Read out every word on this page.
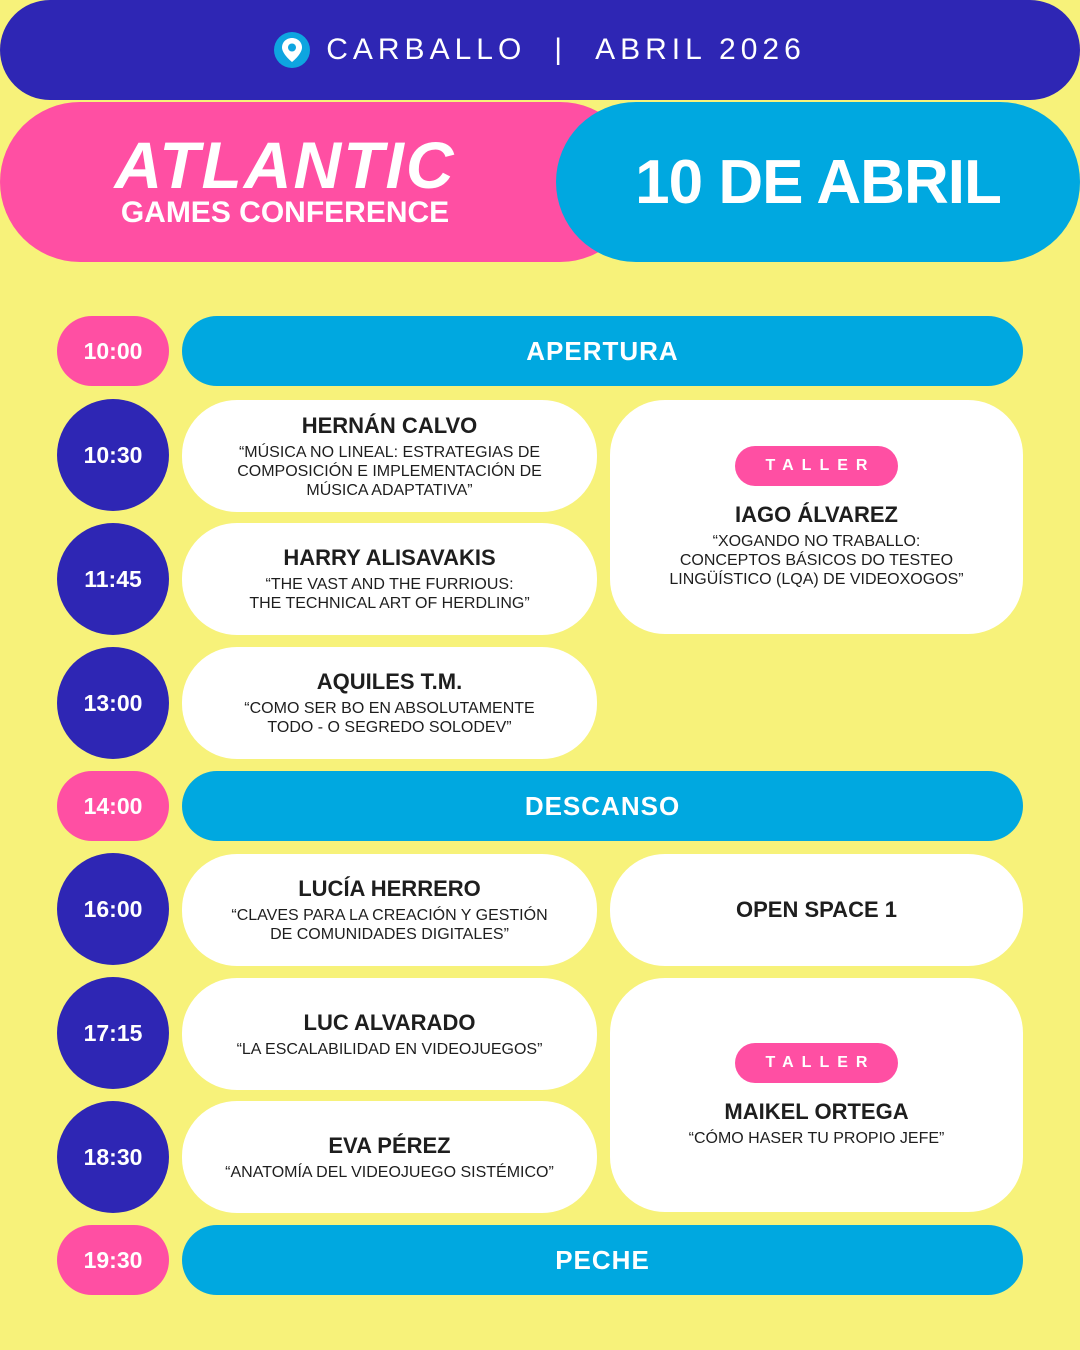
CARBALLO | ABRIL 2026
10 DE ABRIL
ATLANTIC
GAMES CONFERENCE
10:00
10:30
11:45
13:00
14:00
16:00
17:15
18:30
19:30
APERTURA
DESCANSO
PECHE
HERNÁN CALVO
“MÚSICA NO LINEAL: ESTRATEGIAS DE
COMPOSICIÓN E IMPLEMENTACIÓN DE
MÚSICA ADAPTATIVA”
HARRY ALISAVAKIS
“THE VAST AND THE FURRIOUS:
THE TECHNICAL ART OF HERDLING”
AQUILES T.M.
“COMO SER BO EN ABSOLUTAMENTE
TODO - O SEGREDO SOLODEV”
LUCÍA HERRERO
“CLAVES PARA LA CREACIÓN Y GESTIÓN
DE COMUNIDADES DIGITALES”
LUC ALVARADO
“LA ESCALABILIDAD EN VIDEOJUEGOS”
EVA PÉREZ
“ANATOMÍA DEL VIDEOJUEGO SISTÉMICO”
TALLER
IAGO ÁLVAREZ
“XOGANDO NO TRABALLO:
CONCEPTOS BÁSICOS DO TESTEO
LINGÜÍSTICO (LQA) DE VIDEOXOGOS”
OPEN SPACE 1
TALLER
MAIKEL ORTEGA
“CÓMO HASER TU PROPIO JEFE”
